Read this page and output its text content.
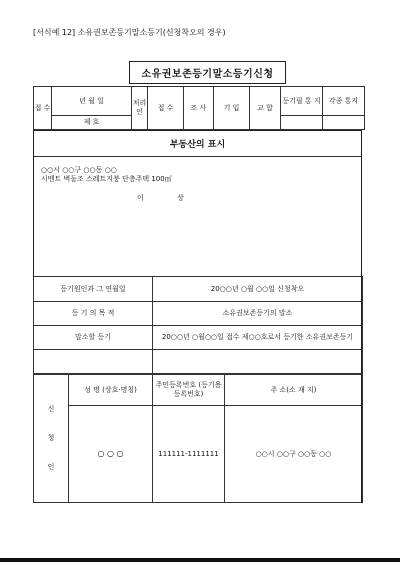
[서식예 12] 소유권보존등기말소등기(신청착오의 경우)
소유권보존등기말소등기신청
접 수	년 월 일	처리인	접 수	조 사	기 입	교 합	등기필 통 지	각종 통지
	제 호							
부동산의 표시
○○시 ○○구 ○○동 ○○
시멘트 벽돌조 스레트지붕 단층주택 100㎡
이	상
등기원인과 그 연월일	20○○년 ○월 ○○일 신청착오
등 기 의 목 적	소유권보존등기의 말소
말소할 등기	20○○년 ○월○○일 접수 제○○호로서 등기한 소유권보존등기

신
청
인	성 명 (상호·명칭)	주민등록번호 (등기용등록번호)	주 소(소 재 지)
	○ ○ ○	111111-1111111	○○시 ○○구 ○○동 ○○
